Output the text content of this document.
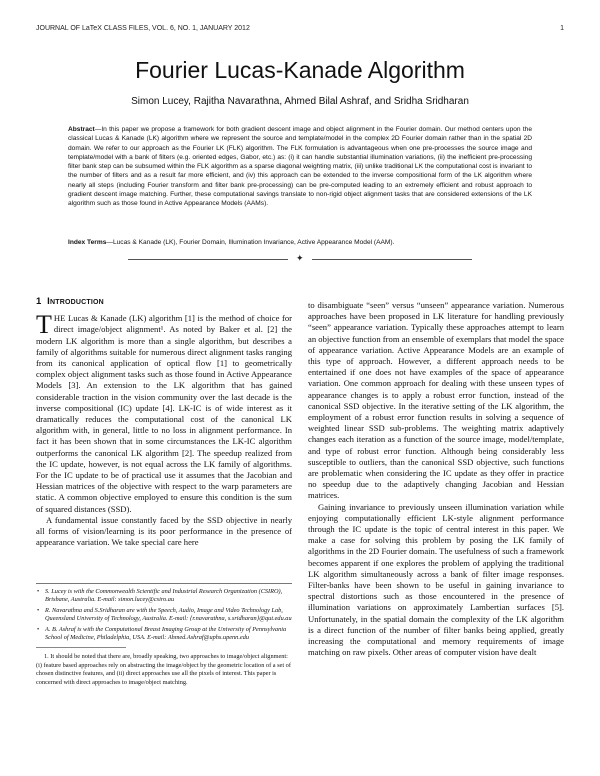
JOURNAL OF LaTeX CLASS FILES, VOL. 6, NO. 1, JANUARY 2012	1
Fourier Lucas-Kanade Algorithm
Simon Lucey, Rajitha Navarathna, Ahmed Bilal Ashraf, and Sridha Sridharan
Abstract—In this paper we propose a framework for both gradient descent image and object alignment in the Fourier domain. Our method centers upon the classical Lucas & Kanade (LK) algorithm where we represent the source and template/model in the complex 2D Fourier domain rather than in the spatial 2D domain. We refer to our approach as the Fourier LK (FLK) algorithm. The FLK formulation is advantageous when one pre-processes the source image and template/model with a bank of filters (e.g. oriented edges, Gabor, etc.) as: (i) it can handle substantial illumination variations, (ii) the inefficient pre-processing filter bank step can be subsumed within the FLK algorithm as a sparse diagonal weighting matrix, (iii) unlike traditional LK the computational cost is invariant to the number of filters and as a result far more efficient, and (iv) this approach can be extended to the inverse compositional form of the LK algorithm where nearly all steps (including Fourier transform and filter bank pre-processing) can be pre-computed leading to an extremely efficient and robust approach to gradient descent image matching. Further, these computational savings translate to non-rigid object alignment tasks that are considered extensions of the LK algorithm such as those found in Active Appearance Models (AAMs).
Index Terms—Lucas & Kanade (LK), Fourier Domain, Illumination Invariance, Active Appearance Model (AAM).
✦
1 Introduction

THE Lucas & Kanade (LK) algorithm [1] is the method of choice for direct image/object alignment¹. As noted by Baker et al. [2] the modern LK algorithm is more than a single algorithm, but describes a family of algorithms suitable for numerous direct alignment tasks ranging from its canonical application of optical flow [1] to geometrically complex object alignment tasks such as those found in Active Appearance Models [3]. An extension to the LK algorithm that has gained considerable traction in the vision community over the last decade is the inverse compositional (IC) update [4]. LK-IC is of wide interest as it dramatically reduces the computational cost of the canonical LK algorithm with, in general, little to no loss in alignment performance. In fact it has been shown that in some circumstances the LK-IC algorithm outperforms the canonical LK algorithm [2]. The speedup realized from the IC update, however, is not equal across the LK family of algorithms. For the IC update to be of practical use it assumes that the Jacobian and Hessian matrices of the objective with respect to the warp parameters are static. A common objective employed to ensure this condition is the sum of squared distances (SSD).

A fundamental issue constantly faced by the SSD objective in nearly all forms of vision/learning is its poor performance in the presence of appearance variation. We take special care here

to disambiguate “seen” versus “unseen” appearance variation. Numerous approaches have been proposed in LK literature for handling previously “seen” appearance variation. Typically these approaches attempt to learn an objective function from an ensemble of exemplars that model the space of appearance variation. Active Appearance Models are an example of this type of approach. However, a different approach needs to be entertained if one does not have examples of the space of appearance variation. One common approach for dealing with these unseen types of appearance changes is to apply a robust error function, instead of the canonical SSD objective. In the iterative setting of the LK algorithm, the employment of a robust error function results in solving a sequence of weighted linear SSD sub-problems. The weighting matrix adaptively changes each iteration as a function of the source image, model/template, and type of robust error function. Although being considerably less susceptible to outliers, than the canonical SSD objective, such functions are problematic when considering the IC update as they offer in practice no speedup due to the adaptively changing Jacobian and Hessian matrices.

Gaining invariance to previously unseen illumination variation while enjoying computationally efficient LK-style alignment performance through the IC update is the topic of central interest in this paper. We make a case for solving this problem by posing the LK family of algorithms in the 2D Fourier domain. The usefulness of such a framework becomes apparent if one explores the problem of applying the traditional LK algorithm simultaneously across a bank of filter image responses. Filter-banks have been shown to be useful in gaining invariance to spectral distortions such as those encountered in the presence of illumination variations on approximately Lambertian surfaces [5]. Unfortunately, in the spatial domain the complexity of the LK algorithm is a direct function of the number of filter banks being applied, greatly increasing the computational and memory requirements of image matching on raw pixels. Other areas of computer vision have dealt

• S. Lucey is with the Commonwealth Scientific and Industrial Research Organization (CSIRO), Brisbane, Australia. E-mail: simon.lucey@csiro.au
• R. Navarathna and S.Sridharan are with the Speech, Audio, Image and Video Technology Lab, Queensland University of Technology, Australia. E-mail: {r.navarathna, s.sridharan}@qut.edu.au
• A. B. Ashraf is with the Computational Breast Imaging Group at the University of Pennsylvania School of Medicine, Philadelphia, USA. E-mail: Ahmed.Ashraf@uphs.upenn.edu
1. It should be noted that there are, broadly speaking, two approaches to image/object alignment: (i) feature based approaches rely on abstracting the image/object by the geometric location of a set of chosen distinctive features, and (ii) direct approaches use all the pixels of interest. This paper is concerned with direct approaches to image/object matching.
